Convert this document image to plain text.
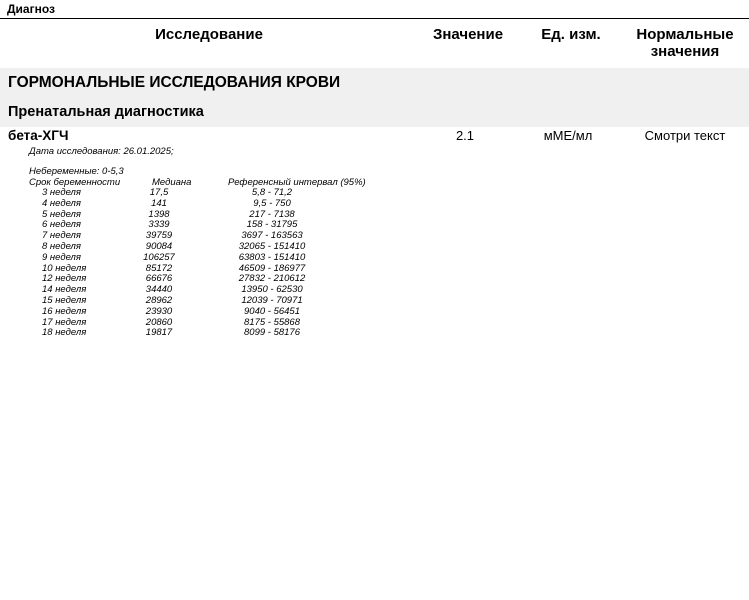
Диагноз
Исследование	Значение	Ед. изм.	Нормальные значения
ГОРМОНАЛЬНЫЕ ИССЛЕДОВАНИЯ КРОВИ
Пренатальная диагностика
бета-ХГЧ	2.1	мМЕ/мл	Смотри текст
Дата исследования: 26.01.2025;
Небеременные: 0-5,3
Срок беременности	Медиана	Референсный интервал (95%)
3 неделя	17,5	5,8 - 71,2
4 неделя	141	9,5 - 750
5 неделя	1398	217 - 7138
6 неделя	3339	158 - 31795
7 неделя	39759	3697 - 163563
8 неделя	90084	32065 - 151410
9 неделя	106257	63803 - 151410
10 неделя	85172	46509 - 186977
12 неделя	66676	27832 - 210612
14 неделя	34440	13950 - 62530
15 неделя	28962	12039 - 70971
16 неделя	23930	9040 - 56451
17 неделя	20860	8175 - 55868
18 неделя	19817	8099 - 58176
